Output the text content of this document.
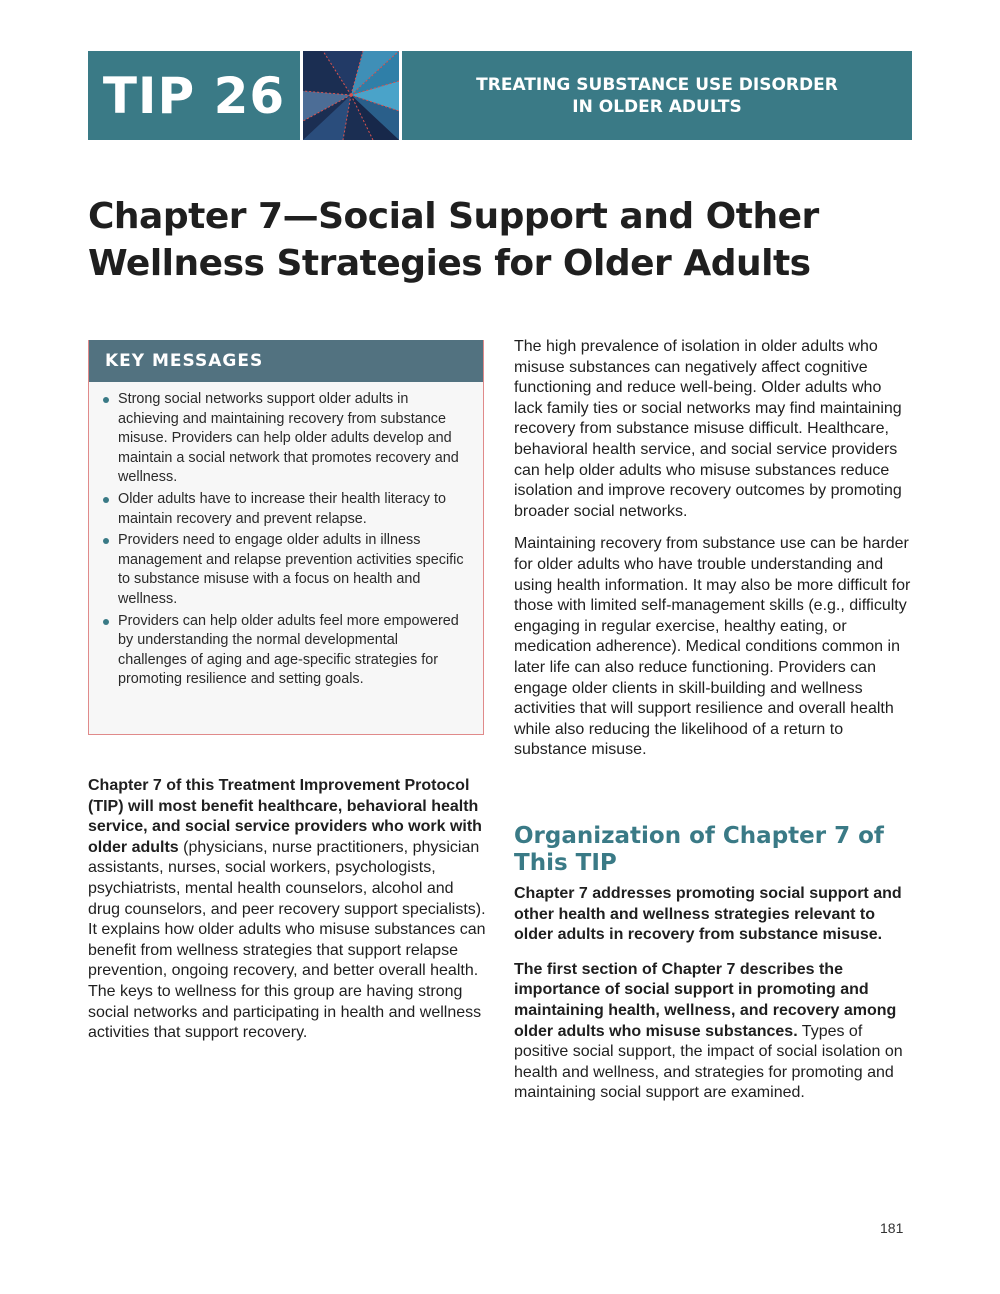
TIP 26	TREATING SUBSTANCE USE DISORDER
IN OLDER ADULTS
Chapter 7—Social Support and Other Wellness Strategies for Older Adults
KEY MESSAGES
Strong social networks support older adults in achieving and maintaining recovery from substance misuse. Providers can help older adults develop and maintain a social network that promotes recovery and wellness.
Older adults have to increase their health literacy to maintain recovery and prevent relapse.
Providers need to engage older adults in illness management and relapse prevention activities specific to substance misuse with a focus on health and wellness.
Providers can help older adults feel more empowered by understanding the normal developmental challenges of aging and age-specific strategies for promoting resilience and setting goals.

Chapter 7 of this Treatment Improvement Protocol (TIP) will most benefit healthcare, behavioral health service, and social service providers who work with older adults (physicians, nurse practitioners, physician assistants, nurses, social workers, psychologists, psychiatrists, mental health counselors, alcohol and drug counselors, and peer recovery support specialists). It explains how older adults who misuse substances can benefit from wellness strategies that support relapse prevention, ongoing recovery, and better overall health. The keys to wellness for this group are having strong social networks and participating in health and wellness activities that support recovery.

The high prevalence of isolation in older adults who misuse substances can negatively affect cognitive functioning and reduce well-being. Older adults who lack family ties or social networks may find maintaining recovery from substance misuse difficult. Healthcare, behavioral health service, and social service providers can help older adults who misuse substances reduce isolation and improve recovery outcomes by promoting broader social networks.

Maintaining recovery from substance use can be harder for older adults who have trouble understanding and using health information. It may also be more difficult for those with limited self-management skills (e.g., difficulty engaging in regular exercise, healthy eating, or medication adherence). Medical conditions common in later life can also reduce functioning. Providers can engage older clients in skill-building and wellness activities that will support resilience and overall health while also reducing the likelihood of a return to substance misuse.

Organization of Chapter 7 of This TIP

Chapter 7 addresses promoting social support and other health and wellness strategies relevant to older adults in recovery from substance misuse.

The first section of Chapter 7 describes the importance of social support in promoting and maintaining health, wellness, and recovery among older adults who misuse substances. Types of positive social support, the impact of social isolation on health and wellness, and strategies for promoting and maintaining social support are examined.

181
